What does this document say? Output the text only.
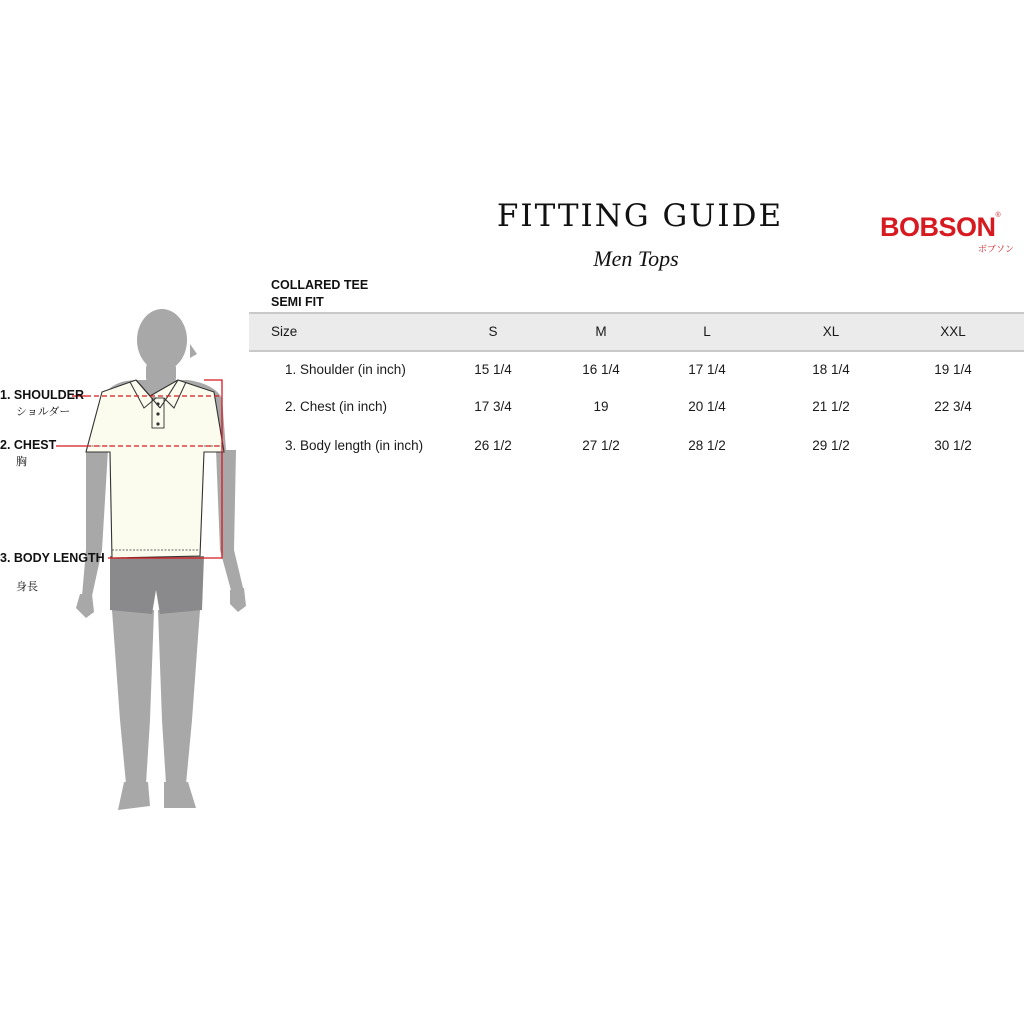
FITTING GUIDE
Men Tops
BOBSON®
ボブソン
COLLARED TEE
SEMI FIT
Size	S	M	L	XL	XXL
1. Shoulder (in inch)	15 1/4	16 1/4	17 1/4	18 1/4	19 1/4
2. Chest (in inch)	17 3/4	19	20 1/4	21 1/2	22 3/4
3. Body length (in inch)	26 1/2	27 1/2	28 1/2	29 1/2	30 1/2
1. SHOULDER
ショルダー
2. CHEST
胸
3. BODY LENGTH
身長
